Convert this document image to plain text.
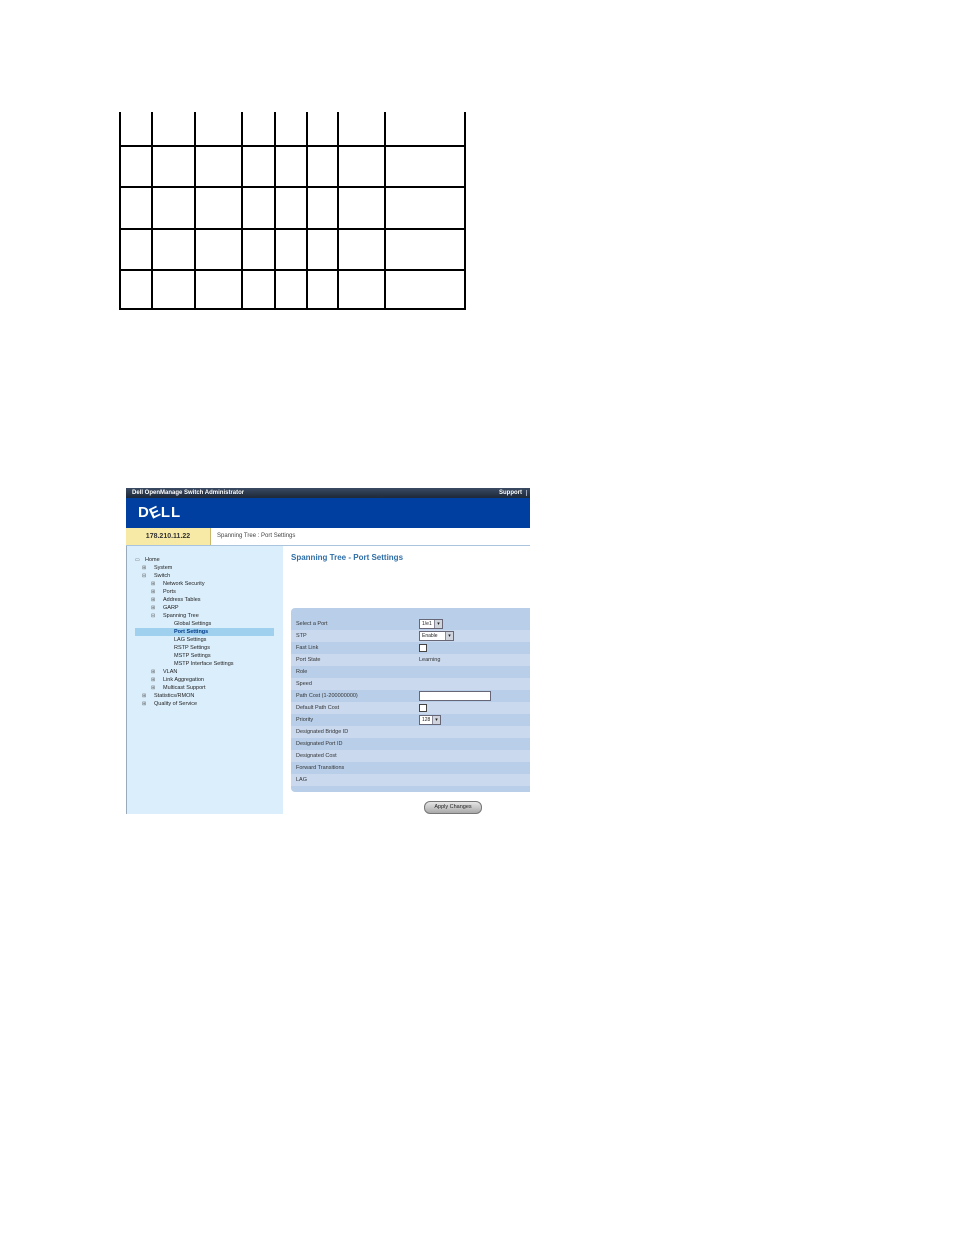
Dell OpenManage Switch Administrator	Support
DELL
178.210.11.22	Spanning Tree : Port Settings
▭ Home
⊞ System
⊟ Switch
⊞ Network Security
⊞ Ports
⊞ Address Tables
⊞ GARP
⊟ Spanning Tree
Global Settings
Port Settings
LAG Settings
RSTP Settings
MSTP Settings
MSTP Interface Settings
⊞ VLAN
⊞ Link Aggregation
⊞ Multicast Support
⊞ Statistics/RMON
⊞ Quality of Service
Spanning Tree - Port Settings
Select a Port	1/e1	▾
STP	Enable	▾
Fast Link
Port State	Learning
Role
Speed
Path Cost (1-200000000)
Default Path Cost
Priority	128 ▾
Designated Bridge ID
Designated Port ID
Designated Cost
Forward Transitions
LAG
Apply Changes
